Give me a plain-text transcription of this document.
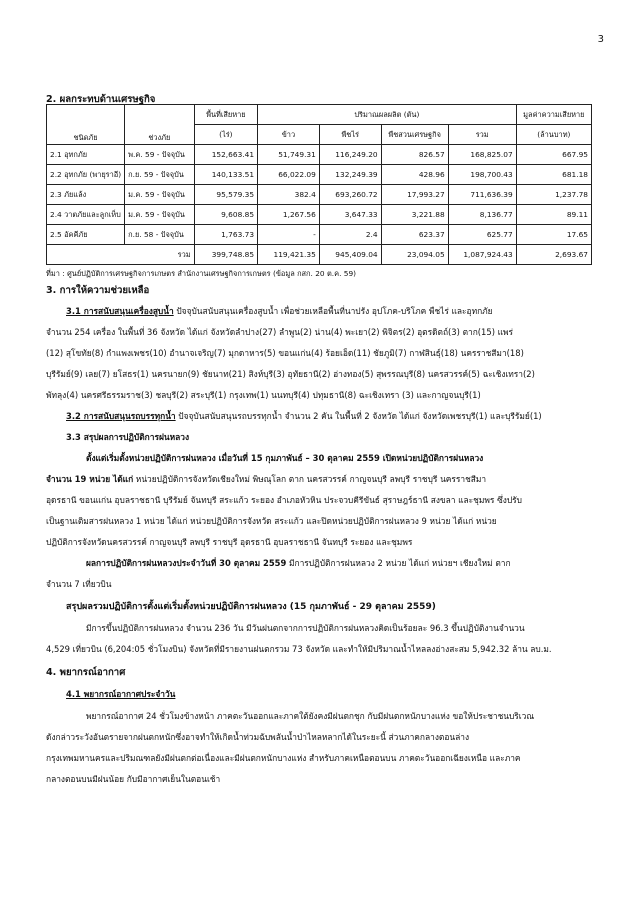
3
2. ผลกระทบด้านเศรษฐกิจ
ชนิดภัย	ช่วงภัย	พื้นที่เสียหาย	ปริมาณผลผลิต (ตัน)				มูลค่าความเสียหาย
		(ไร่)	ข้าว	พืชไร่	พืชสวนเศรษฐกิจ	รวม	(ล้านบาท)
2.1 อุทกภัย	พ.ค. 59 - ปัจจุบัน	152,663.41	51,749.31	116,249.20	826.57	168,825.07	667.95
2.2 อุทกภัย (พายุราอี)	ก.ย. 59 - ปัจจุบัน	140,133.51	66,022.09	132,249.39	428.96	198,700.43	681.18
2.3 ภัยแล้ง	ม.ค. 59 - ปัจจุบัน	95,579.35	382.4	693,260.72	17,993.27	711,636.39	1,237.78
2.4 วาตภัยและลูกเห็บ	ม.ค. 59 - ปัจจุบัน	9,608.85	1,267.56	3,647.33	3,221.88	8,136.77	89.11
2.5 อัคคีภัย	ก.ย. 58 - ปัจจุบัน	1,763.73	-	2.4	623.37	625.77	17.65
รวม		399,748.85	119,421.35	945,409.04	23,094.05	1,087,924.43	2,693.67
ที่มา : ศูนย์ปฏิบัติการเศรษฐกิจการเกษตร สำนักงานเศรษฐกิจการเกษตร (ข้อมูล กสก. 20 ต.ค. 59)
3. การให้ความช่วยเหลือ
3.1 การสนับสนุนเครื่องสูบน้ำ ปัจจุบันสนับสนุนเครื่องสูบน้ำ เพื่อช่วยเหลือพื้นที่นาปรัง อุปโภค-บริโภค พืชไร่ และอุทกภัย
จำนวน 254 เครื่อง ในพื้นที่ 36 จังหวัด ได้แก่ จังหวัดลำปาง(27) ลำพูน(2) น่าน(4) พะเยา(2) พิจิตร(2) อุตรดิตถ์(3) ตาก(15) แพร่
(12) สุโขทัย(8) กำแพงเพชร(10) อำนาจเจริญ(7) มุกดาหาร(5) ขอนแก่น(4) ร้อยเอ็ด(11) ชัยภูมิ(7) กาฬสินธุ์(18) นครราชสีมา(18)
บุรีรัมย์(9) เลย(7) ยโสธร(1) นครนายก(9) ชัยนาท(21) สิงห์บุรี(3) อุทัยธานี(2) อ่างทอง(5) สุพรรณบุรี(8) นครสวรรค์(5) ฉะเชิงเทรา(2)
พัทลุง(4) นครศรีธรรมราช(3) ชลบุรี(2) สระบุรี(1) กรุงเทพ(1) นนทบุรี(4) ปทุมธานี(8) ฉะเชิงเทรา (3) และกาญจนบุรี(1)
3.2 การสนับสนุนรถบรรทุกน้ำ ปัจจุบันสนับสนุนรถบรรทุกน้ำ จำนวน 2 คัน ในพื้นที่ 2 จังหวัด ได้แก่ จังหวัดเพชรบุรี(1) และบุรีรัมย์(1)
3.3 สรุปผลการปฏิบัติการฝนหลวง
ตั้งแต่เริ่มตั้งหน่วยปฏิบัติการฝนหลวง เมื่อวันที่ 15 กุมภาพันธ์ – 30 ตุลาคม 2559 เปิดหน่วยปฏิบัติการฝนหลวง
จำนวน 19 หน่วย ได้แก่ หน่วยปฏิบัติการจังหวัดเชียงใหม่ พิษณุโลก ตาก นครสวรรค์ กาญจนบุรี ลพบุรี ราชบุรี นครราชสีมา
อุดรธานี ขอนแก่น อุบลราชธานี บุรีรัมย์ จันทบุรี สระแก้ว ระยอง อำเภอหัวหิน ประจวบคีรีขันธ์ สุราษฎร์ธานี สงขลา และชุมพร ซึ่งปรับ
เป็นฐานเติมสารฝนหลวง 1 หน่วย ได้แก่ หน่วยปฏิบัติการจังหวัด สระแก้ว และปิดหน่วยปฏิบัติการฝนหลวง 9 หน่วย ได้แก่ หน่วย
ปฏิบัติการจังหวัดนครสวรรค์ กาญจนบุรี ลพบุรี ราชบุรี อุดรธานี อุบลราชธานี จันทบุรี ระยอง และชุมพร
ผลการปฏิบัติการฝนหลวงประจำวันที่ 30 ตุลาคม 2559 มีการปฏิบัติการฝนหลวง 2 หน่วย ได้แก่ หน่วยฯ เชียงใหม่ ตาก
จำนวน 7 เที่ยวบิน
สรุปผลรวมปฏิบัติการตั้งแต่เริ่มตั้งหน่วยปฏิบัติการฝนหลวง (15 กุมภาพันธ์ - 29 ตุลาคม 2559)
มีการขึ้นปฏิบัติการฝนหลวง จำนวน 236 วัน มีวันฝนตกจากการปฏิบัติการฝนหลวงคิดเป็นร้อยละ 96.3 ขึ้นปฏิบัติงานจำนวน
4,529 เที่ยวบิน (6,204:05 ชั่วโมงบิน) จังหวัดที่มีรายงานฝนตกรวม 73 จังหวัด และทำให้มีปริมาณน้ำไหลลงอ่างสะสม 5,942.32 ล้าน ลบ.ม.
4. พยากรณ์อากาศ
4.1 พยากรณ์อากาศประจำวัน
พยากรณ์อากาศ 24 ชั่วโมงข้างหน้า ภาคตะวันออกและภาคใต้ยังคงมีฝนตกชุก กับมีฝนตกหนักบางแห่ง ขอให้ประชาชนบริเวณ
ดังกล่าวระวังอันตรายจากฝนตกหนักซึ่งอาจทำให้เกิดน้ำท่วมฉับพลันน้ำป่าไหลหลากได้ในระยะนี้ ส่วนภาคกลางตอนล่าง
กรุงเทพมหานครและปริมณฑลยังมีฝนตกต่อเนื่องและมีฝนตกหนักบางแห่ง สำหรับภาคเหนือตอนบน ภาคตะวันออกเฉียงเหนือ และภาค
กลางตอนบนมีฝนน้อย กับมีอากาศเย็นในตอนเช้า
